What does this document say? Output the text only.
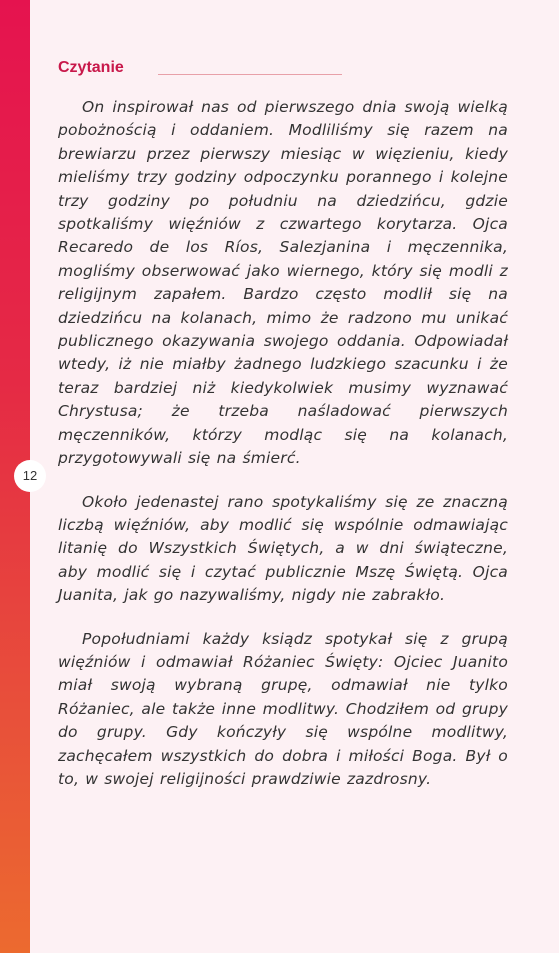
12
Czytanie

On inspirował nas od pierwszego dnia swoją wielką pobożnością i oddaniem. Modliliśmy się razem na brewiarzu przez pierwszy miesiąc w więzieniu, kiedy mieliśmy trzy godziny odpoczynku porannego i kolejne trzy godziny po południu na dziedzińcu, gdzie spotkaliśmy więźniów z czwartego korytarza. Ojca Recaredo de los Ríos, Salezjanina i męczennika, mogliśmy obserwować jako wiernego, który się modli z religijnym zapałem. Bardzo często modlił się na dziedzińcu na kolanach, mimo że radzono mu unikać publicznego okazywania swojego oddania. Odpowiadał wtedy, iż nie miałby żadnego ludzkiego szacunku i że teraz bardziej niż kiedykolwiek musimy wyznawać Chrystusa; że trzeba naśladować pierwszych męczenników, którzy modląc się na kolanach, przygotowywali się na śmierć.

Około jedenastej rano spotykaliśmy się ze znaczną liczbą więźniów, aby modlić się wspólnie odmawiając litanię do Wszystkich Świętych, a w dni świąteczne, aby modlić się i czytać publicznie Mszę Świętą. Ojca Juanita, jak go nazywaliśmy, nigdy nie zabrakło.

Popołudniami każdy ksiądz spotykał się z grupą więźniów i odmawiał Różaniec Święty: Ojciec Juanito miał swoją wybraną grupę, odmawiał nie tylko Różaniec, ale także inne modlitwy. Chodziłem od grupy do grupy. Gdy kończyły się wspólne modlitwy, zachęcałem wszystkich do dobra i miłości Boga. Był o to, w swojej religijności prawdziwie zazdrosny.
